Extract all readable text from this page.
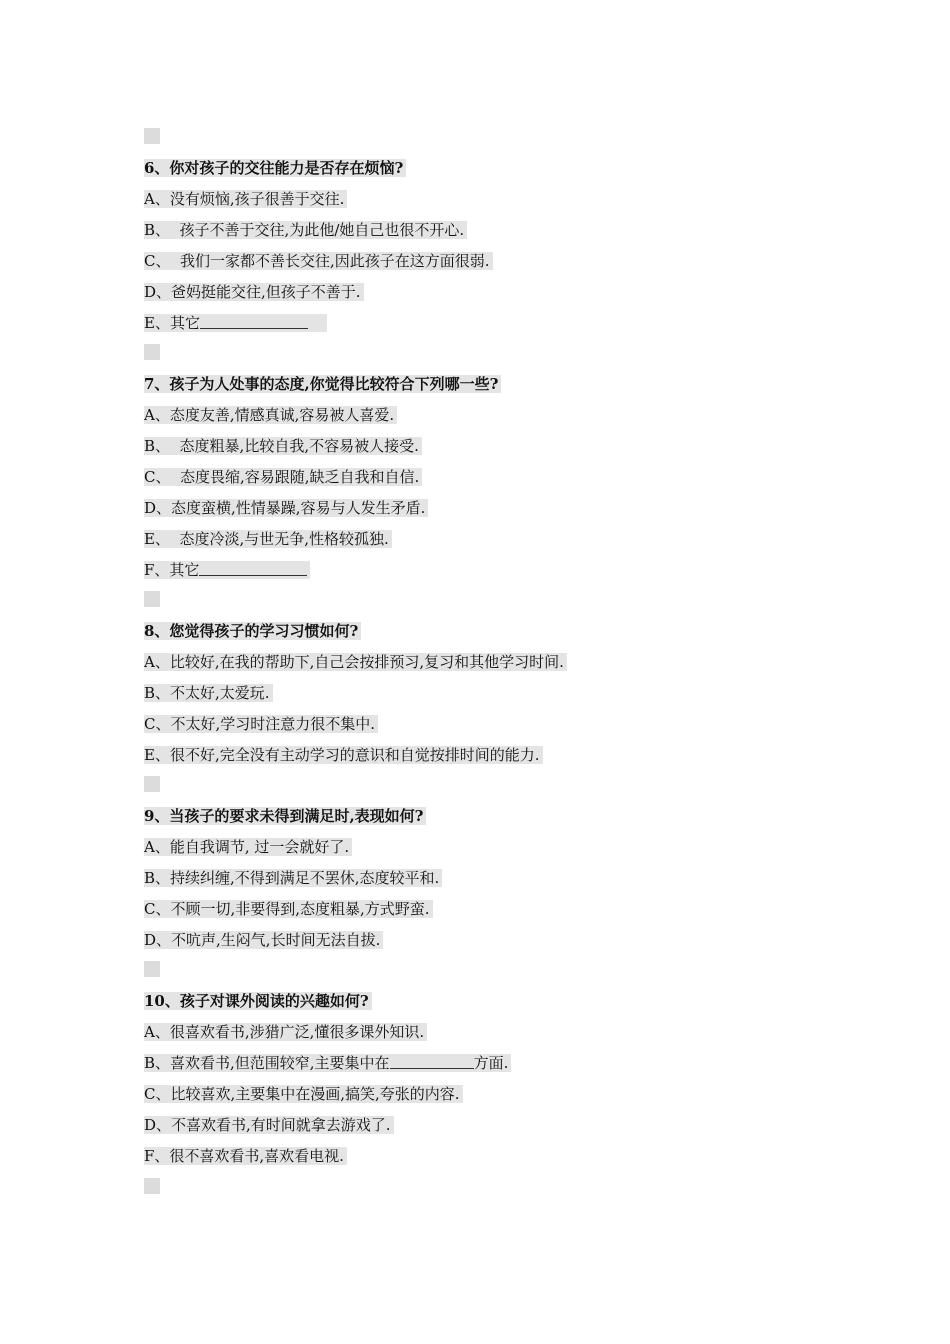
6、你对孩子的交往能力是否存在烦恼?
A、没有烦恼,孩子很善于交往.
B、  孩子不善于交往,为此他/她自己也很不开心.
C、  我们一家都不善长交往,因此孩子在这方面很弱.
D、爸妈挺能交往,但孩子不善于.
E、其它
7、孩子为人处事的态度,你觉得比较符合下列哪一些?
A、态度友善,情感真诚,容易被人喜爱.
B、  态度粗暴,比较自我,不容易被人接受.
C、  态度畏缩,容易跟随,缺乏自我和自信.
D、态度蛮横,性情暴躁,容易与人发生矛盾.
E、  态度冷淡,与世无争,性格较孤独.
F、其它
8、您觉得孩子的学习习惯如何?
A、比较好,在我的帮助下,自己会按排预习,复习和其他学习时间.
B、不太好,太爱玩.
C、不太好,学习时注意力很不集中.
E、很不好,完全没有主动学习的意识和自觉按排时间的能力.
9、当孩子的要求未得到满足时,表现如何?
A、能自我调节, 过一会就好了.
B、持续纠缠,不得到满足不罢休,态度较平和.
C、不顾一切,非要得到,态度粗暴,方式野蛮.
D、不吭声,生闷气,长时间无法自拔.
10、孩子对课外阅读的兴趣如何?
A、很喜欢看书,涉猎广泛,懂很多课外知识.
B、喜欢看书,但范围较窄,主要集中在	方面.
C、比较喜欢,主要集中在漫画,搞笑,夸张的内容.
D、不喜欢看书,有时间就拿去游戏了.
F、很不喜欢看书,喜欢看电视.
